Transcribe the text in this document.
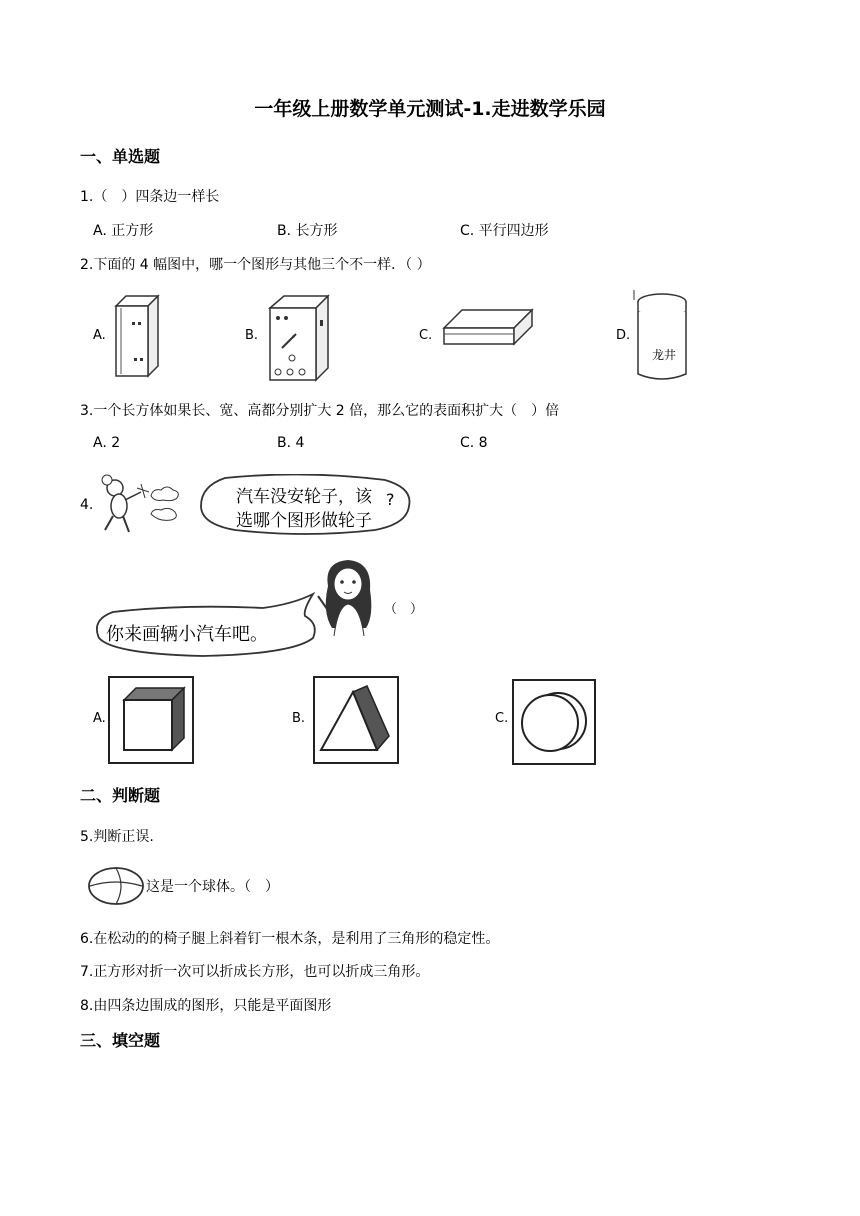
一年级上册数学单元测试-1.走进数学乐园
一、单选题
1.（　）四条边一样长
A. 正方形	B. 长方形	C. 平行四边形
2.下面的 4 幅图中，哪一个图形与其他三个不一样．（ ）
A.	B.	C.	D.
龙井
3.一个长方体如果长、宽、高都分别扩大 2 倍，那么它的表面积扩大（　）倍
A. 2	B. 4	C. 8
4.	汽车没安轮子，该
选哪个图形做轮子
?
你来画辆小汽车吧。
（　）
A.	B.	C.
二、判断题
5.判断正误.
这是一个球体。（　）
6.在松动的的椅子腿上斜着钉一根木条，是利用了三角形的稳定性。
7.正方形对折一次可以折成长方形，也可以折成三角形。
8.由四条边围成的图形，只能是平面图形
三、填空题
